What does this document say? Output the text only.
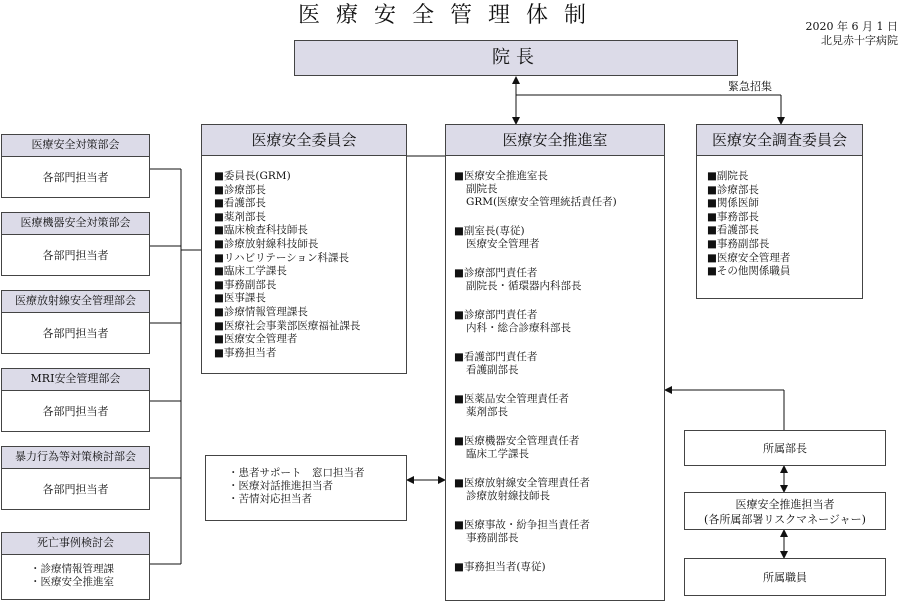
医療安全管理体制	2020 年 6 月 1 日
北見赤十字病院
院長
緊急招集
医療安全委員会
■ 委員長(GRM)
■ 診療部長
■ 看護部長
■ 薬剤部長
■ 臨床検査科技師長
■ 診療放射線科技師長
■ リハビリテーション科課長
■ 臨床工学課長
■ 事務副部長
■ 医事課長
■ 診療情報管理課長
■ 医療社会事業部医療福祉課長
■ 医療安全管理者
■ 事務担当者
医療安全推進室
■ 医療安全推進室長
副院長
GRM(医療安全管理統括責任者)
■ 副室長(専従)
医療安全管理者
■ 診療部門責任者
副院長・循環器内科部長
■ 診療部門責任者
内科・総合診療科部長
■ 看護部門責任者
看護副部長
■ 医薬品安全管理責任者
薬剤部長
■ 医療機器安全管理責任者
臨床工学課長
■ 医療放射線安全管理責任者
診療放射線技師長
■ 医療事故・紛争担当責任者
事務副部長
■ 事務担当者(専従)
医療安全調査委員会
■ 副院長
■ 診療部長
■ 関係医師
■ 事務部長
■ 看護部長
■ 事務副部長
■ 医療安全管理者
■ その他関係職員
医療安全対策部会
各部門担当者
医療機器安全対策部会
各部門担当者
医療放射線安全管理部会
各部門担当者
MRI安全管理部会
各部門担当者
暴力行為等対策検討部会
各部門担当者
死亡事例検討会
・診療情報管理課
・医療安全推進室
・患者サポート　窓口担当者
・医療対話推進担当者
・苦情対応担当者
所属部長
医療安全推進担当者
(各所属部署リスクマネージャー)
所属職員
